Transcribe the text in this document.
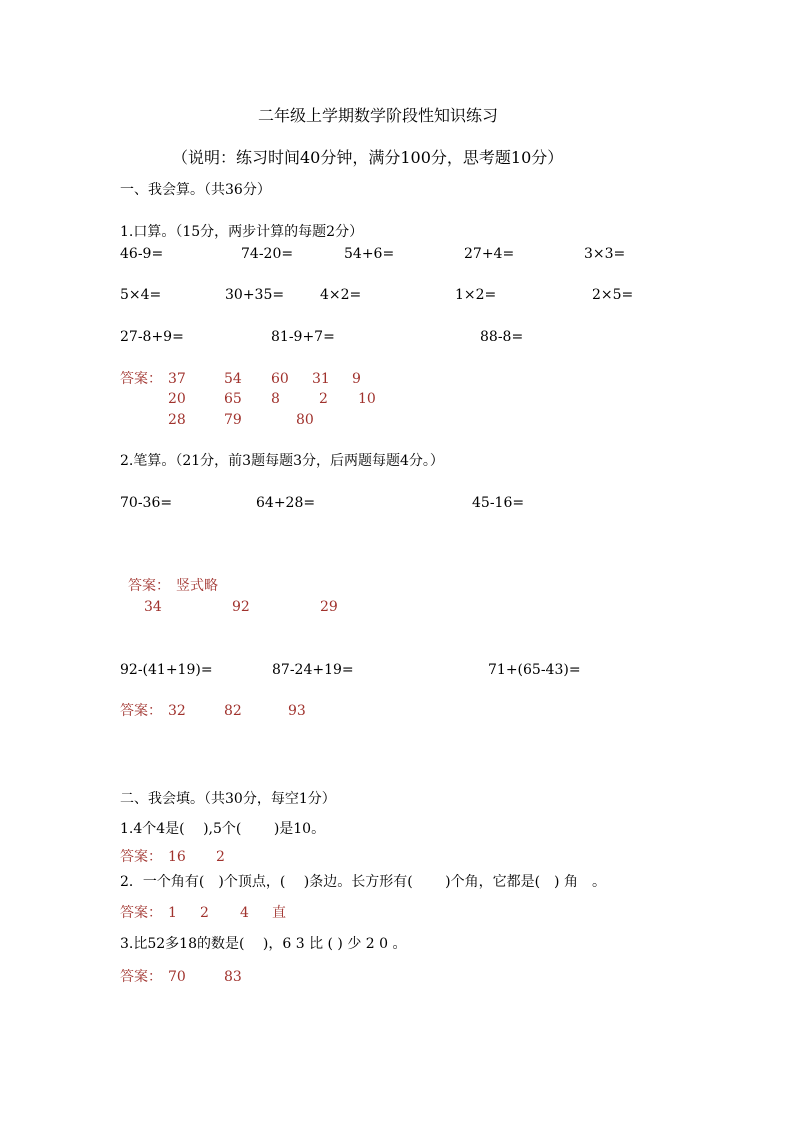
二年级上学期数学阶段性知识练习
（说明：练习时间40分钟，满分100分，思考题10分）
一、我会算。（共36分）
1.口算。（15分，两步计算的每题2分）
46-9=	74-20=	54+6=	27+4=	3×3=
5×4=	30+35=	4×2=	1×2=	2×5=
27-8+9=	81-9+7=	88-8=
答案： 37	54 60 31 9
20	65 8	2 10
28	79	80
2.笔算。（21分，前3题每题3分，后两题每题4分。）
70-36=	64+28=	45-16=
答案： 竖式略
34	92	29
92-(41+19)=	87-24+19=	71+(65-43)=
答案： 32	82	93
二、我会填。（共30分，每空1分）
1.4个4是(　 ),5个(　　 )是10。
答案： 16 2
2．一个角有(　)个顶点，(　 )条边。长方形有(　　 )个角，它都是(　) 角　。
答案： 1 2 4 直
3.比52多18的数是(　 )，6 3 比 ( ) 少 2 0 。
答案： 70	83
